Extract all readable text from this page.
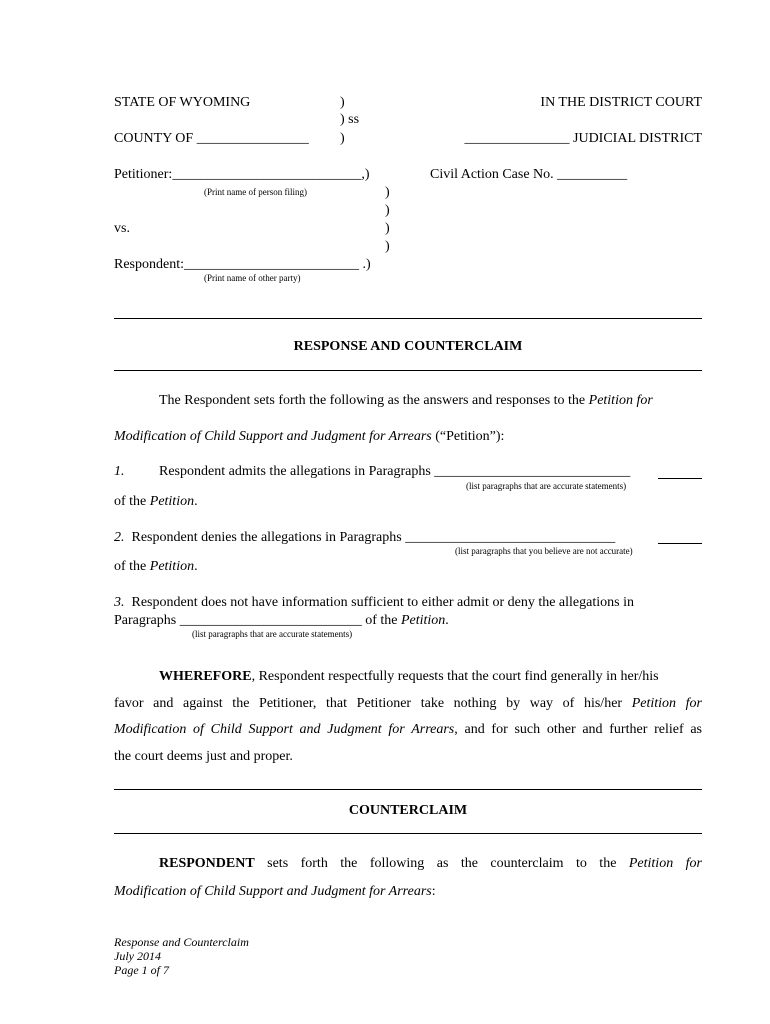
STATE OF WYOMING	)
) ss
)
COUNTY OF ________________
IN THE DISTRICT COURT
_______________ JUDICIAL DISTRICT
Petitioner:___________________________,)
(Print name of person filing)
Civil Action Case No. __________
)
)
vs.	)
)
Respondent:_________________________ .)
(Print name of other party)
RESPONSE AND COUNTERCLAIM
The Respondent sets forth the following as the answers and responses to the Petition for
Modification of Child Support and Judgment for Arrears (“Petition”):
1. Respondent admits the allegations in Paragraphs ____________________________
(list paragraphs that are accurate statements)
of the Petition.
2. Respondent denies the allegations in Paragraphs ______________________________
(list paragraphs that you believe are not accurate)
of the Petition.
3. Respondent does not have information sufficient to either admit or deny the allegations in
Paragraphs __________________________ of the Petition.
(list paragraphs that are accurate statements)
WHEREFORE, Respondent respectfully requests that the court find generally in her/his
favor and against the Petitioner, that Petitioner take nothing by way of his/her Petition for
Modification of Child Support and Judgment for Arrears, and for such other and further relief as
the court deems just and proper.
COUNTERCLAIM
RESPONDENT sets forth the following as the counterclaim to the Petition for
Modification of Child Support and Judgment for Arrears:
Response and Counterclaim
July 2014
Page 1 of 7
